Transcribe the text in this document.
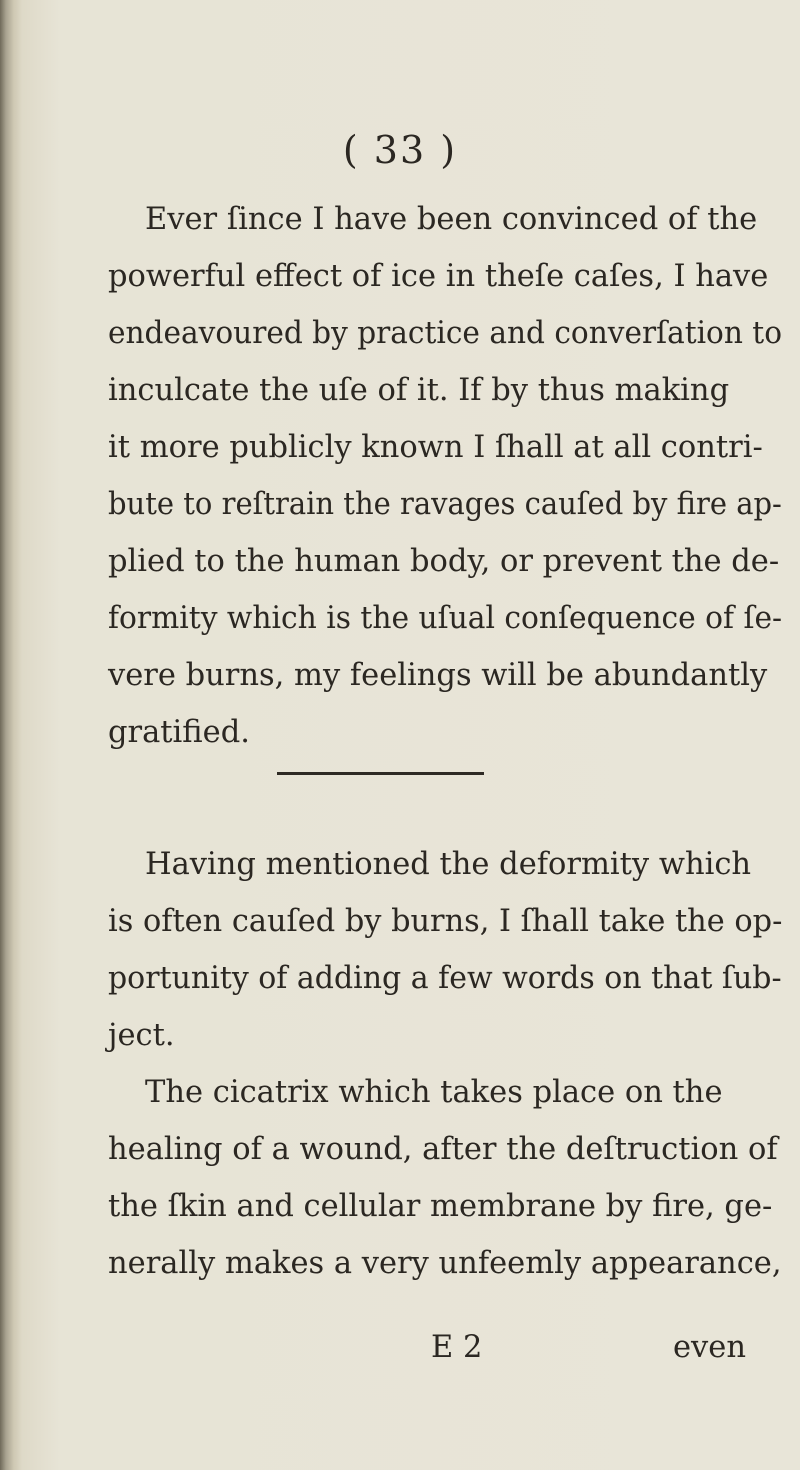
( 33 )
Ever ſince I have been convinced of the
powerful effect of ice in theſe caſes, I have
endeavoured by practice and converſation to
inculcate the uſe of it. If by thus making
it more publicly known I ſhall at all contri-
bute to reſtrain the ravages cauſed by fire ap-
plied to the human body, or prevent the de-
formity which is the uſual conſequence of ſe-
vere burns, my feelings will be abundantly
gratified.
Having mentioned the deformity which
is often cauſed by burns, I ſhall take the op-
portunity of adding a few words on that ſub-
ject.
The cicatrix which takes place on the
healing of a wound, after the deſtruction of
the ſkin and cellular membrane by fire, ge-
nerally makes a very unfeemly appearance,
E 2	even
